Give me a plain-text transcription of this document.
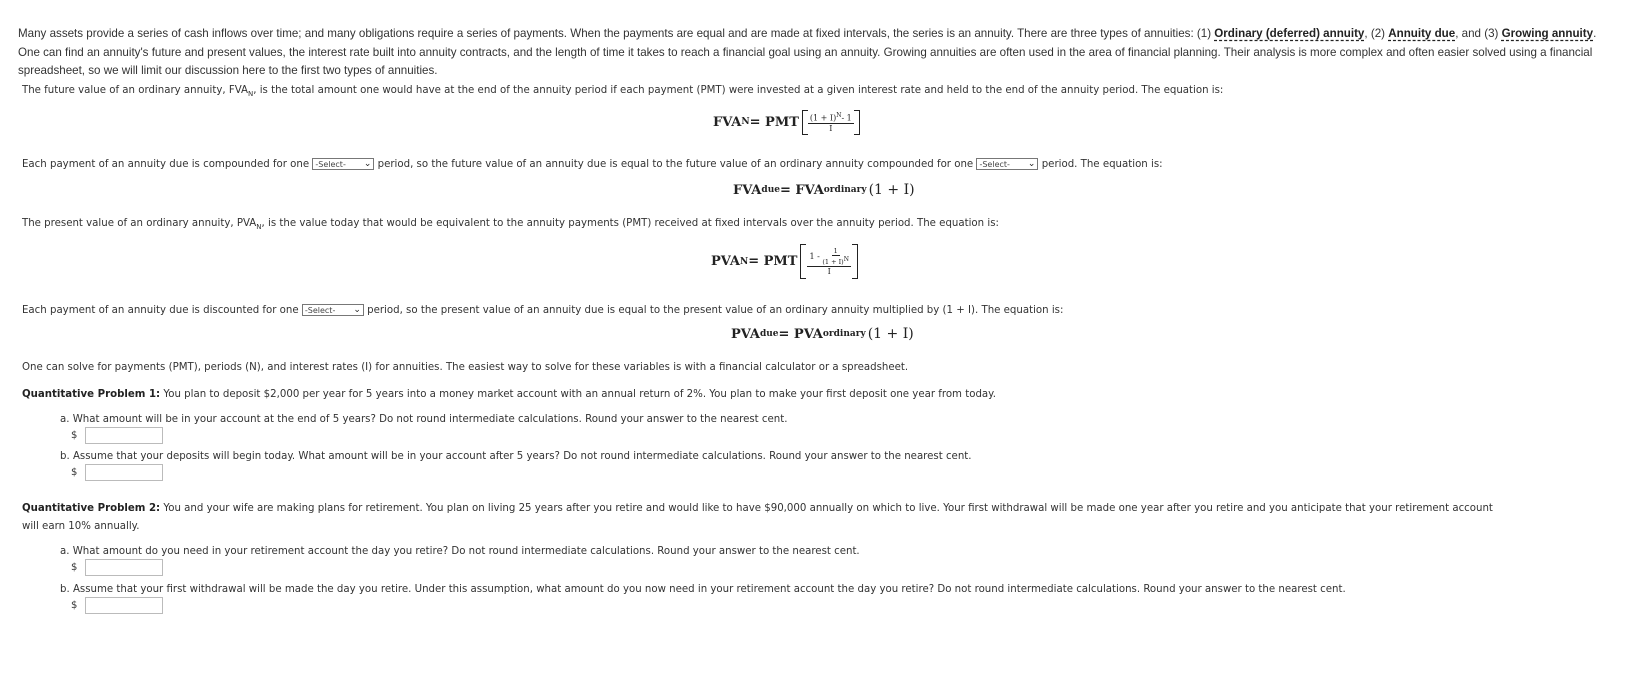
Many assets provide a series of cash inflows over time; and many obligations require a series of payments. When the payments are equal and are made at fixed intervals, the series is an annuity. There are three types of annuities: (1) Ordinary (deferred) annuity, (2) Annuity due, and (3) Growing annuity. One can find an annuity's future and present values, the interest rate built into annuity contracts, and the length of time it takes to reach a financial goal using an annuity. Growing annuities are often used in the area of financial planning. Their analysis is more complex and often easier solved using a financial spreadsheet, so we will limit our discussion here to the first two types of annuities.
The future value of an ordinary annuity, $FVA_N$, is the total amount one would have at the end of the annuity period if each payment (PMT) were invested at a given interest rate and held to the end of the annuity period. The equation is:
FVA N = PMT $\frac{(1 + I)^N- 1}{I}$
Each payment of an annuity due is compounded for one -Select- ⌄ period, so the future value of an annuity due is equal to the future value of an ordinary annuity compounded for one -Select- ⌄ period. The equation is:
FVA due = FVA ordinary (1 + I)
The present value of an ordinary annuity, $PVA_N$, is the value today that would be equivalent to the annuity payments (PMT) received at fixed intervals over the annuity period. The equation is:
PVA N = PMT 1 -
$\frac{1}{(1 + I)^N}$
I
Each payment of an annuity due is discounted for one -Select- ⌄ period, so the present value of an annuity due is equal to the present value of an ordinary annuity multiplied by (1 + I). The equation is:
PVA due = PVA ordinary (1 + I)
One can solve for payments (PMT), periods (N), and interest rates (I) for annuities. The easiest way to solve for these variables is with a financial calculator or a spreadsheet.
Quantitative Problem 1: You plan to deposit $2,000 per year for 5 years into a money market account with an annual return of 2%. You plan to make your first deposit one year from today.
a. What amount will be in your account at the end of 5 years? Do not round intermediate calculations. Round your answer to the nearest cent.
$
b. Assume that your deposits will begin today. What amount will be in your account after 5 years? Do not round intermediate calculations. Round your answer to the nearest cent.
$
Quantitative Problem 2: You and your wife are making plans for retirement. You plan on living 25 years after you retire and would like to have $90,000 annually on which to live. Your first withdrawal will be made one year after you retire and you anticipate that your retirement account
will earn 10% annually.
a. What amount do you need in your retirement account the day you retire? Do not round intermediate calculations. Round your answer to the nearest cent.
$
b. Assume that your first withdrawal will be made the day you retire. Under this assumption, what amount do you now need in your retirement account the day you retire? Do not round intermediate calculations. Round your answer to the nearest cent.
$
